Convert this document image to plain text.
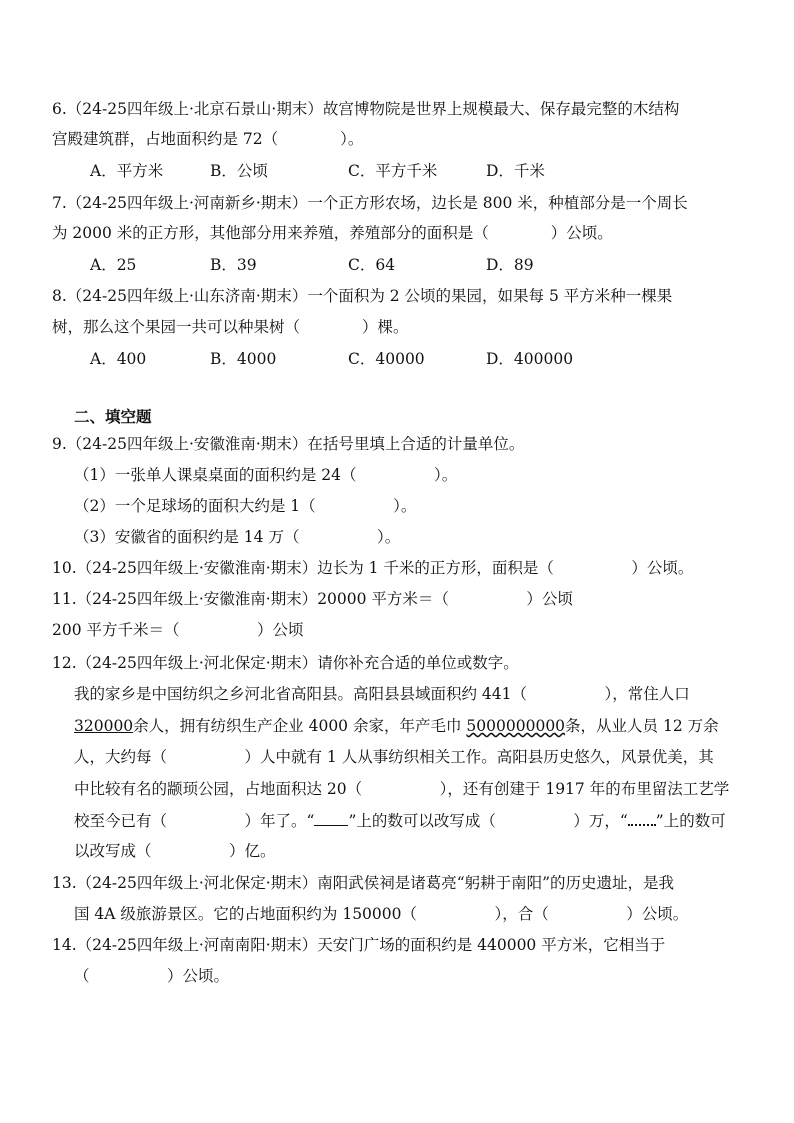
6.（24-25四年级上·北京石景山·期末）故宫博物院是世界上规模最大、保存最完整的木结构
宫殿建筑群，占地面积约是 72（　　　　）。
A．平方米	B．公顷	C．平方千米	D．千米
7.（24-25四年级上·河南新乡·期末）一个正方形农场，边长是 800 米，种植部分是一个周长
为 2000 米的正方形，其他部分用来养殖，养殖部分的面积是（　　　　）公顷。
A．25	B．39	C．64	D．89
8.（24-25四年级上·山东济南·期末）一个面积为 2 公顷的果园，如果每 5 平方米种一棵果
树，那么这个果园一共可以种果树（　　　　）棵。
A．400	B．4000	C．40000	D．400000
二、填空题
9.（24-25四年级上·安徽淮南·期末）在括号里填上合适的计量单位。
（1）一张单人课桌桌面的面积约是 24（　　　　　）。
（2）一个足球场的面积大约是 1（　　　　　）。
（3）安徽省的面积约是 14 万（　　　　　）。
10.（24-25四年级上·安徽淮南·期末）边长为 1 千米的正方形，面积是（　　　　　）公顷。
11.（24-25四年级上·安徽淮南·期末）20000 平方米＝（　　　　　）公顷
200 平方千米＝（　　　　　）公顷
12.（24-25四年级上·河北保定·期末）请你补充合适的单位或数字。
我的家乡是中国纺织之乡河北省高阳县。高阳县县域面积约 441（　　　　　），常住人口
320000余人，拥有纺织生产企业 4000 余家，年产毛巾 5000000000条，从业人员 12 万余
人，大约每（　　　　　）人中就有 1 人从事纺织相关工作。高阳县历史悠久，风景优美，其
中比较有名的颛顼公园，占地面积达 20（　　　　　），还有创建于 1917 年的布里留法工艺学
校至今已有（　　　　　）年了。“ ”上的数可以改写成（　　　　　）万，“ ”上的数可
以改写成（　　　　　）亿。
13.（24-25四年级上·河北保定·期末）南阳武侯祠是诸葛亮“躬耕于南阳”的历史遗址，是我
国 4A 级旅游景区。它的占地面积约为 150000（　　　　　），合（　　　　　）公顷。
14.（24-25四年级上·河南南阳·期末）天安门广场的面积约是 440000 平方米，它相当于
（　　　　　）公顷。
